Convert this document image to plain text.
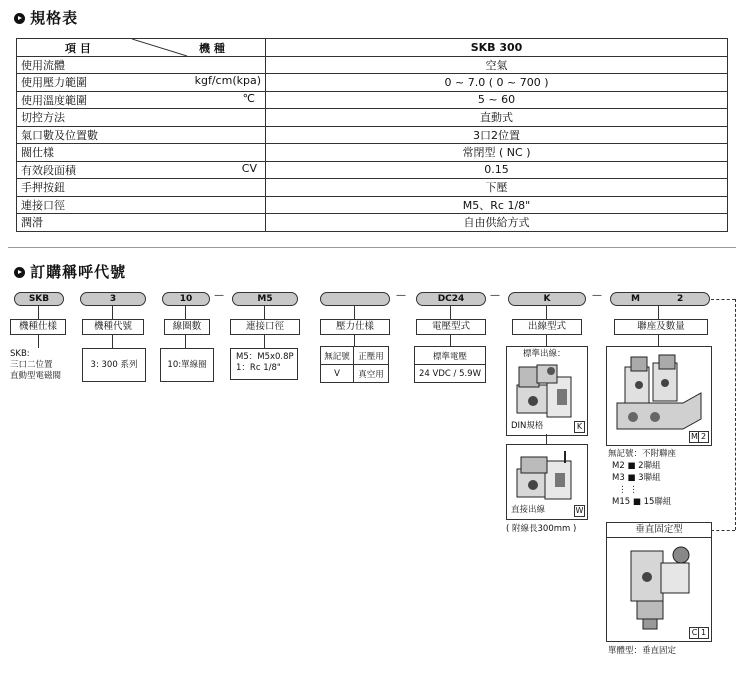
規格表
項 目 機 種	SKB 300
使用流體	空氣
使用壓力範圍 kgf/cm(kpa)	0 ~ 7.0 ( 0 ~ 700 )
使用溫度範圍 ℃	5 ~ 60
切控方法	直動式
氣口數及位置數	3口2位置
閥仕樣	常閉型 ( NC )
有效段面積 CV	0.15
手押按鈕	下壓
連接口徑	M5、Rc 1/8"
潤滑	自由供給方式
訂購稱呼代號
SKB	3	10	—	M5	—	DC24	—	K	—	M	2
機種仕樣	機種代號	線圈數	連接口徑	壓力仕樣	電壓型式	出線型式	聯座及數量
SKB:
三口二位置
直動型電磁閥
3: 300 系列	10:單線圈
M5：M5x0.8P
1：Rc 1/8"
無記號	正壓用
V	真空用
標準電壓
24 VDC / 5.9W
標準出線：
DIN規格	K
直接出線	W
( 附線長300mm )
M 2
無記號：不附聯座
M2 ■ 2聯組
M3 ■ 3聯組
⋮ ⋮
M15 ■ 15聯組
垂直固定型
C 1
單體型：垂直固定
